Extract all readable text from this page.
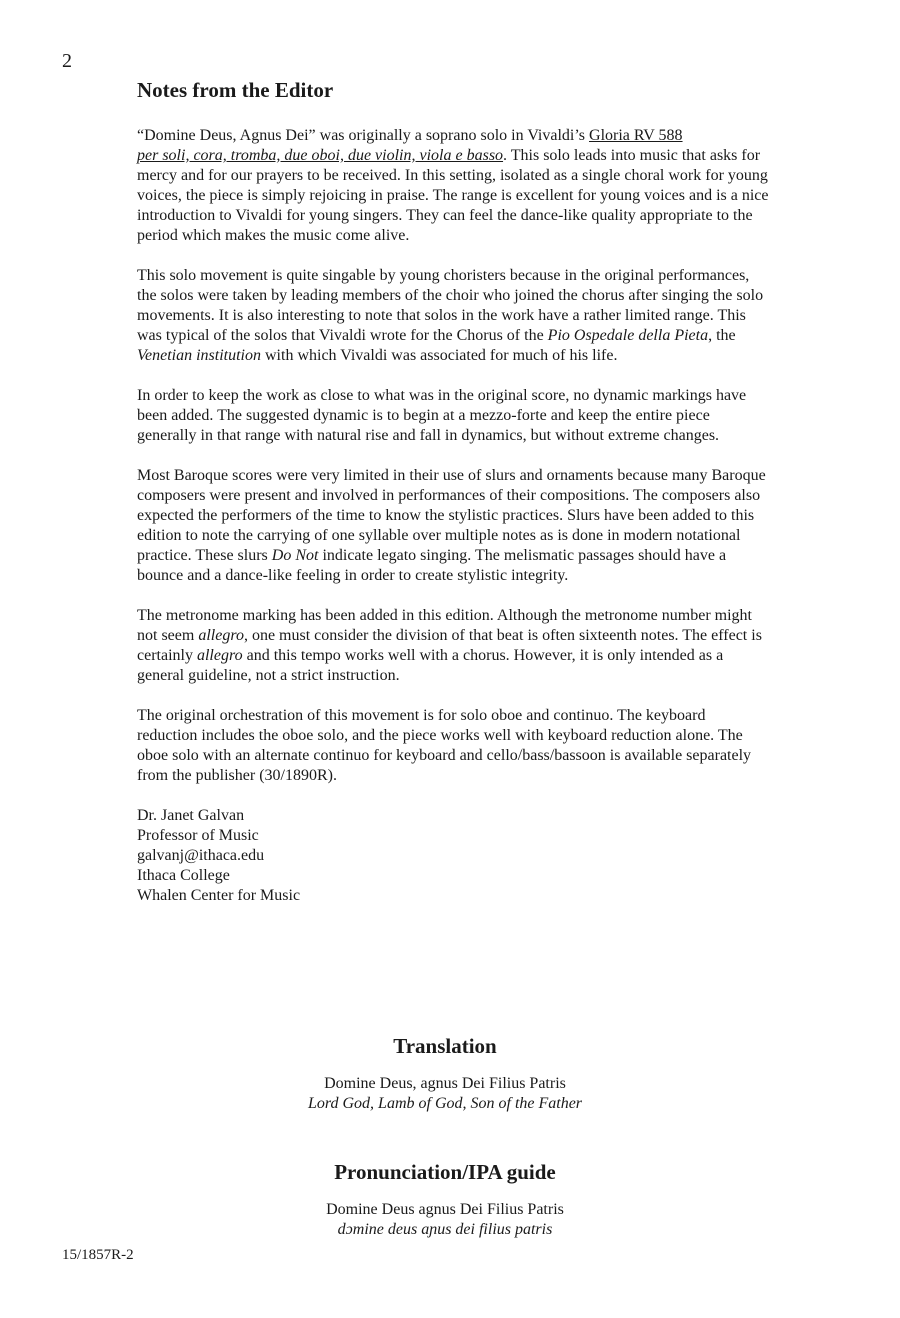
2
Notes from the Editor

“Domine Deus, Agnus Dei” was originally a soprano solo in Vivaldi’s Gloria RV 588
per soli, cora, tromba, due oboi, due violin, viola e basso. This solo leads into music that asks for mercy and for our prayers to be received. In this setting, isolated as a single choral work for young voices, the piece is simply rejoicing in praise. The range is excellent for young voices and is a nice introduction to Vivaldi for young singers. They can feel the dance-like quality appropriate to the period which makes the music come alive.

This solo movement is quite singable by young choristers because in the original performances, the solos were taken by leading members of the choir who joined the chorus after singing the solo movements. It is also interesting to note that solos in the work have a rather limited range. This was typical of the solos that Vivaldi wrote for the Chorus of the Pio Ospedale della Pieta, the Venetian institution with which Vivaldi was associated for much of his life.

In order to keep the work as close to what was in the original score, no dynamic markings have been added. The suggested dynamic is to begin at a mezzo-forte and keep the entire piece generally in that range with natural rise and fall in dynamics, but without extreme changes.

Most Baroque scores were very limited in their use of slurs and ornaments because many Baroque composers were present and involved in performances of their compositions. The composers also expected the performers of the time to know the stylistic practices. Slurs have been added to this edition to note the carrying of one syllable over multiple notes as is done in modern notational practice. These slurs Do Not indicate legato singing. The melismatic passages should have a bounce and a dance-like feeling in order to create stylistic integrity.

The metronome marking has been added in this edition. Although the metronome number might not seem allegro, one must consider the division of that beat is often sixteenth notes. The effect is certainly allegro and this tempo works well with a chorus. However, it is only intended as a general guideline, not a strict instruction.

The original orchestration of this movement is for solo oboe and continuo. The keyboard reduction includes the oboe solo, and the piece works well with keyboard reduction alone. The oboe solo with an alternate continuo for keyboard and cello/bass/bassoon is available separately from the publisher (30/1890R).

Dr. Janet Galvan
Professor of Music
galvanj@ithaca.edu
Ithaca College
Whalen Center for Music
Translation
Domine Deus, agnus Dei Filius Patris
Lord God, Lamb of God, Son of the Father
Pronunciation/IPA guide
Domine Deus agnus Dei Filius Patris
dɔmine deus aɲus dei filius patris
15/1857R-2
